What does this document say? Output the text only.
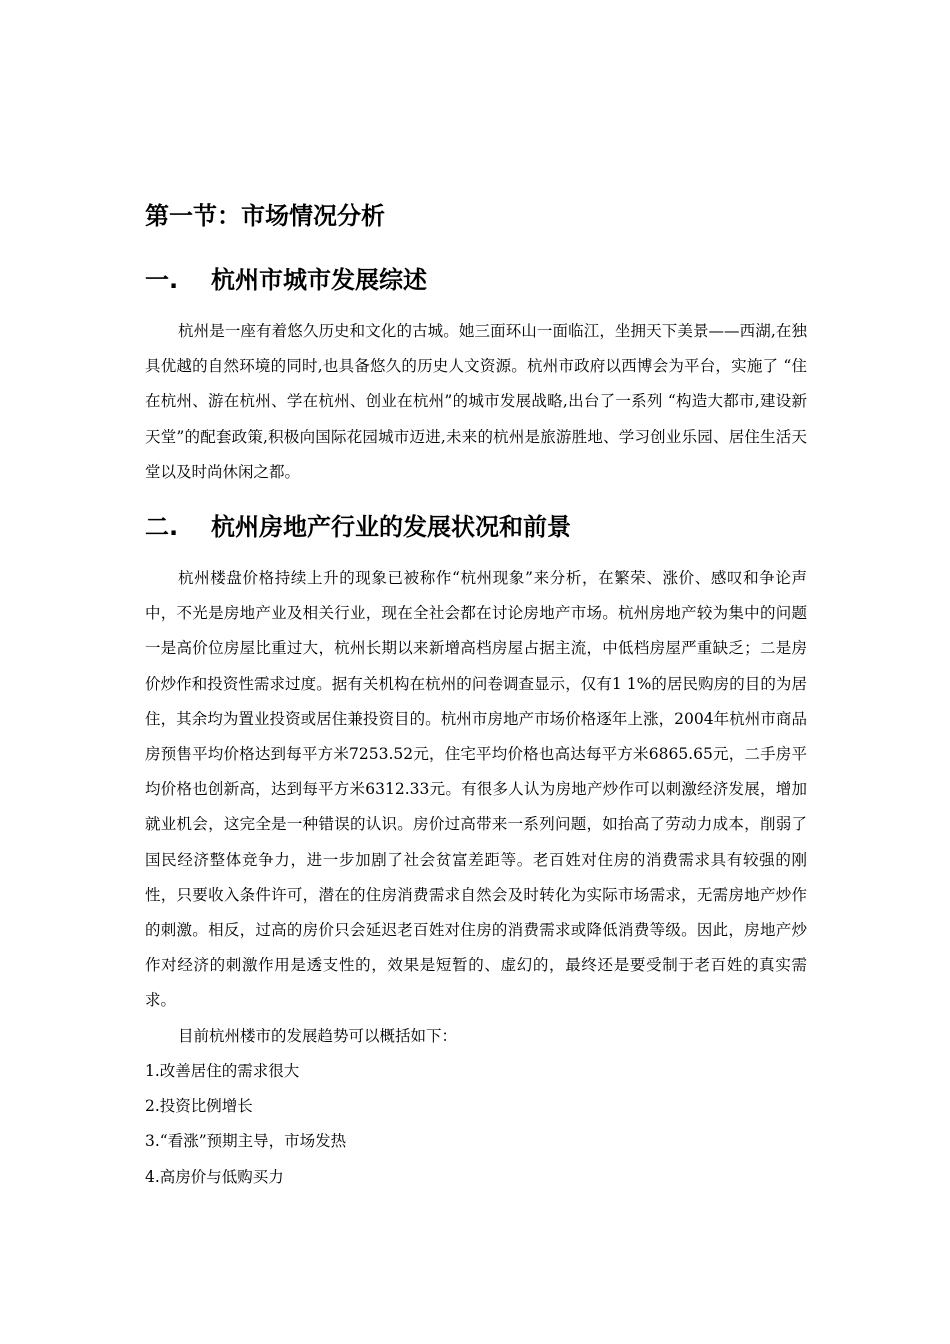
第一节：市场情况分析
一. 杭州市城市发展综述

杭州是一座有着悠久历史和文化的古城。她三面环山一面临江，坐拥天下美景——西湖,在独具优越的自然环境的同时,也具备悠久的历史人文资源。杭州市政府以西博会为平台，实施了 “住在杭州、游在杭州、学在杭州、创业在杭州”的城市发展战略,出台了一系列 “构造大都市,建设新天堂”的配套政策,积极向国际花园城市迈进,未来的杭州是旅游胜地、学习创业乐园、居住生活天堂以及时尚休闲之都。

二. 杭州房地产行业的发展状况和前景

杭州楼盘价格持续上升的现象已被称作“杭州现象”来分析，在繁荣、涨价、感叹和争论声中，不光是房地产业及相关行业，现在全社会都在讨论房地产市场。杭州房地产较为集中的问题一是高价位房屋比重过大，杭州长期以来新增高档房屋占据主流，中低档房屋严重缺乏；二是房价炒作和投资性需求过度。据有关机构在杭州的问卷调查显示，仅有1 1%的居民购房的目的为居住，其余均为置业投资或居住兼投资目的。杭州市房地产市场价格逐年上涨，2004年杭州市商品房预售平均价格达到每平方米7253.52元，住宅平均价格也高达每平方米6865.65元，二手房平均价格也创新高，达到每平方米6312.33元。有很多人认为房地产炒作可以刺激经济发展，增加就业机会，这完全是一种错误的认识。房价过高带来一系列问题，如抬高了劳动力成本，削弱了国民经济整体竞争力，进一步加剧了社会贫富差距等。老百姓对住房的消费需求具有较强的刚性，只要收入条件许可，潜在的住房消费需求自然会及时转化为实际市场需求，无需房地产炒作的刺激。相反，过高的房价只会延迟老百姓对住房的消费需求或降低消费等级。因此，房地产炒作对经济的刺激作用是透支性的，效果是短暂的、虚幻的，最终还是要受制于老百姓的真实需求。

目前杭州楼市的发展趋势可以概括如下：

1.改善居住的需求很大
2.投资比例增长
3.“看涨”预期主导，市场发热
4.高房价与低购买力
